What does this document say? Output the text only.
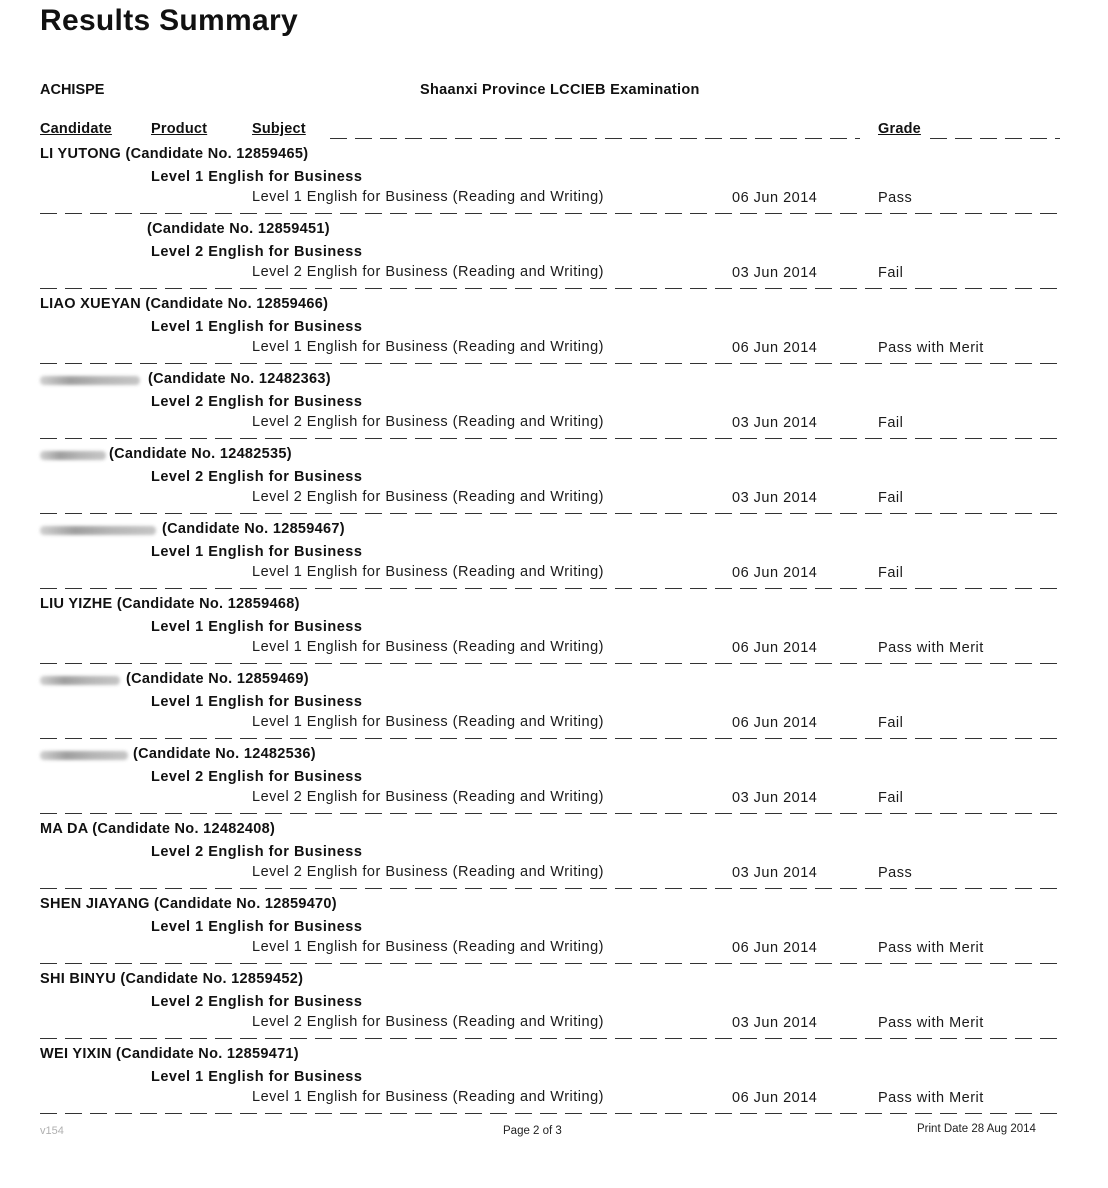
Results Summary
ACHISPE	Shaanxi Province LCCIEB Examination
Candidate	Product	Subject	Grade
LI YUTONG (Candidate No. 12859465)
Level 1 English for Business
Level 1 English for Business (Reading and Writing)	06 Jun 2014	Pass
(Candidate No. 12859451)
Level 2 English for Business
Level 2 English for Business (Reading and Writing)	03 Jun 2014	Fail
LIAO XUEYAN (Candidate No. 12859466)
Level 1 English for Business
Level 1 English for Business (Reading and Writing)	06 Jun 2014	Pass with Merit
(Candidate No. 12482363)
Level 2 English for Business
Level 2 English for Business (Reading and Writing)	03 Jun 2014	Fail
(Candidate No. 12482535)
Level 2 English for Business
Level 2 English for Business (Reading and Writing)	03 Jun 2014	Fail
(Candidate No. 12859467)
Level 1 English for Business
Level 1 English for Business (Reading and Writing)	06 Jun 2014	Fail
LIU YIZHE (Candidate No. 12859468)
Level 1 English for Business
Level 1 English for Business (Reading and Writing)	06 Jun 2014	Pass with Merit
(Candidate No. 12859469)
Level 1 English for Business
Level 1 English for Business (Reading and Writing)	06 Jun 2014	Fail
(Candidate No. 12482536)
Level 2 English for Business
Level 2 English for Business (Reading and Writing)	03 Jun 2014	Fail
MA DA (Candidate No. 12482408)
Level 2 English for Business
Level 2 English for Business (Reading and Writing)	03 Jun 2014	Pass
SHEN JIAYANG (Candidate No. 12859470)
Level 1 English for Business
Level 1 English for Business (Reading and Writing)	06 Jun 2014	Pass with Merit
SHI BINYU (Candidate No. 12859452)
Level 2 English for Business
Level 2 English for Business (Reading and Writing)	03 Jun 2014	Pass with Merit
WEI YIXIN (Candidate No. 12859471)
Level 1 English for Business
Level 1 English for Business (Reading and Writing)	06 Jun 2014	Pass with Merit
v154	Page 2 of 3	Print Date 28 Aug 2014
